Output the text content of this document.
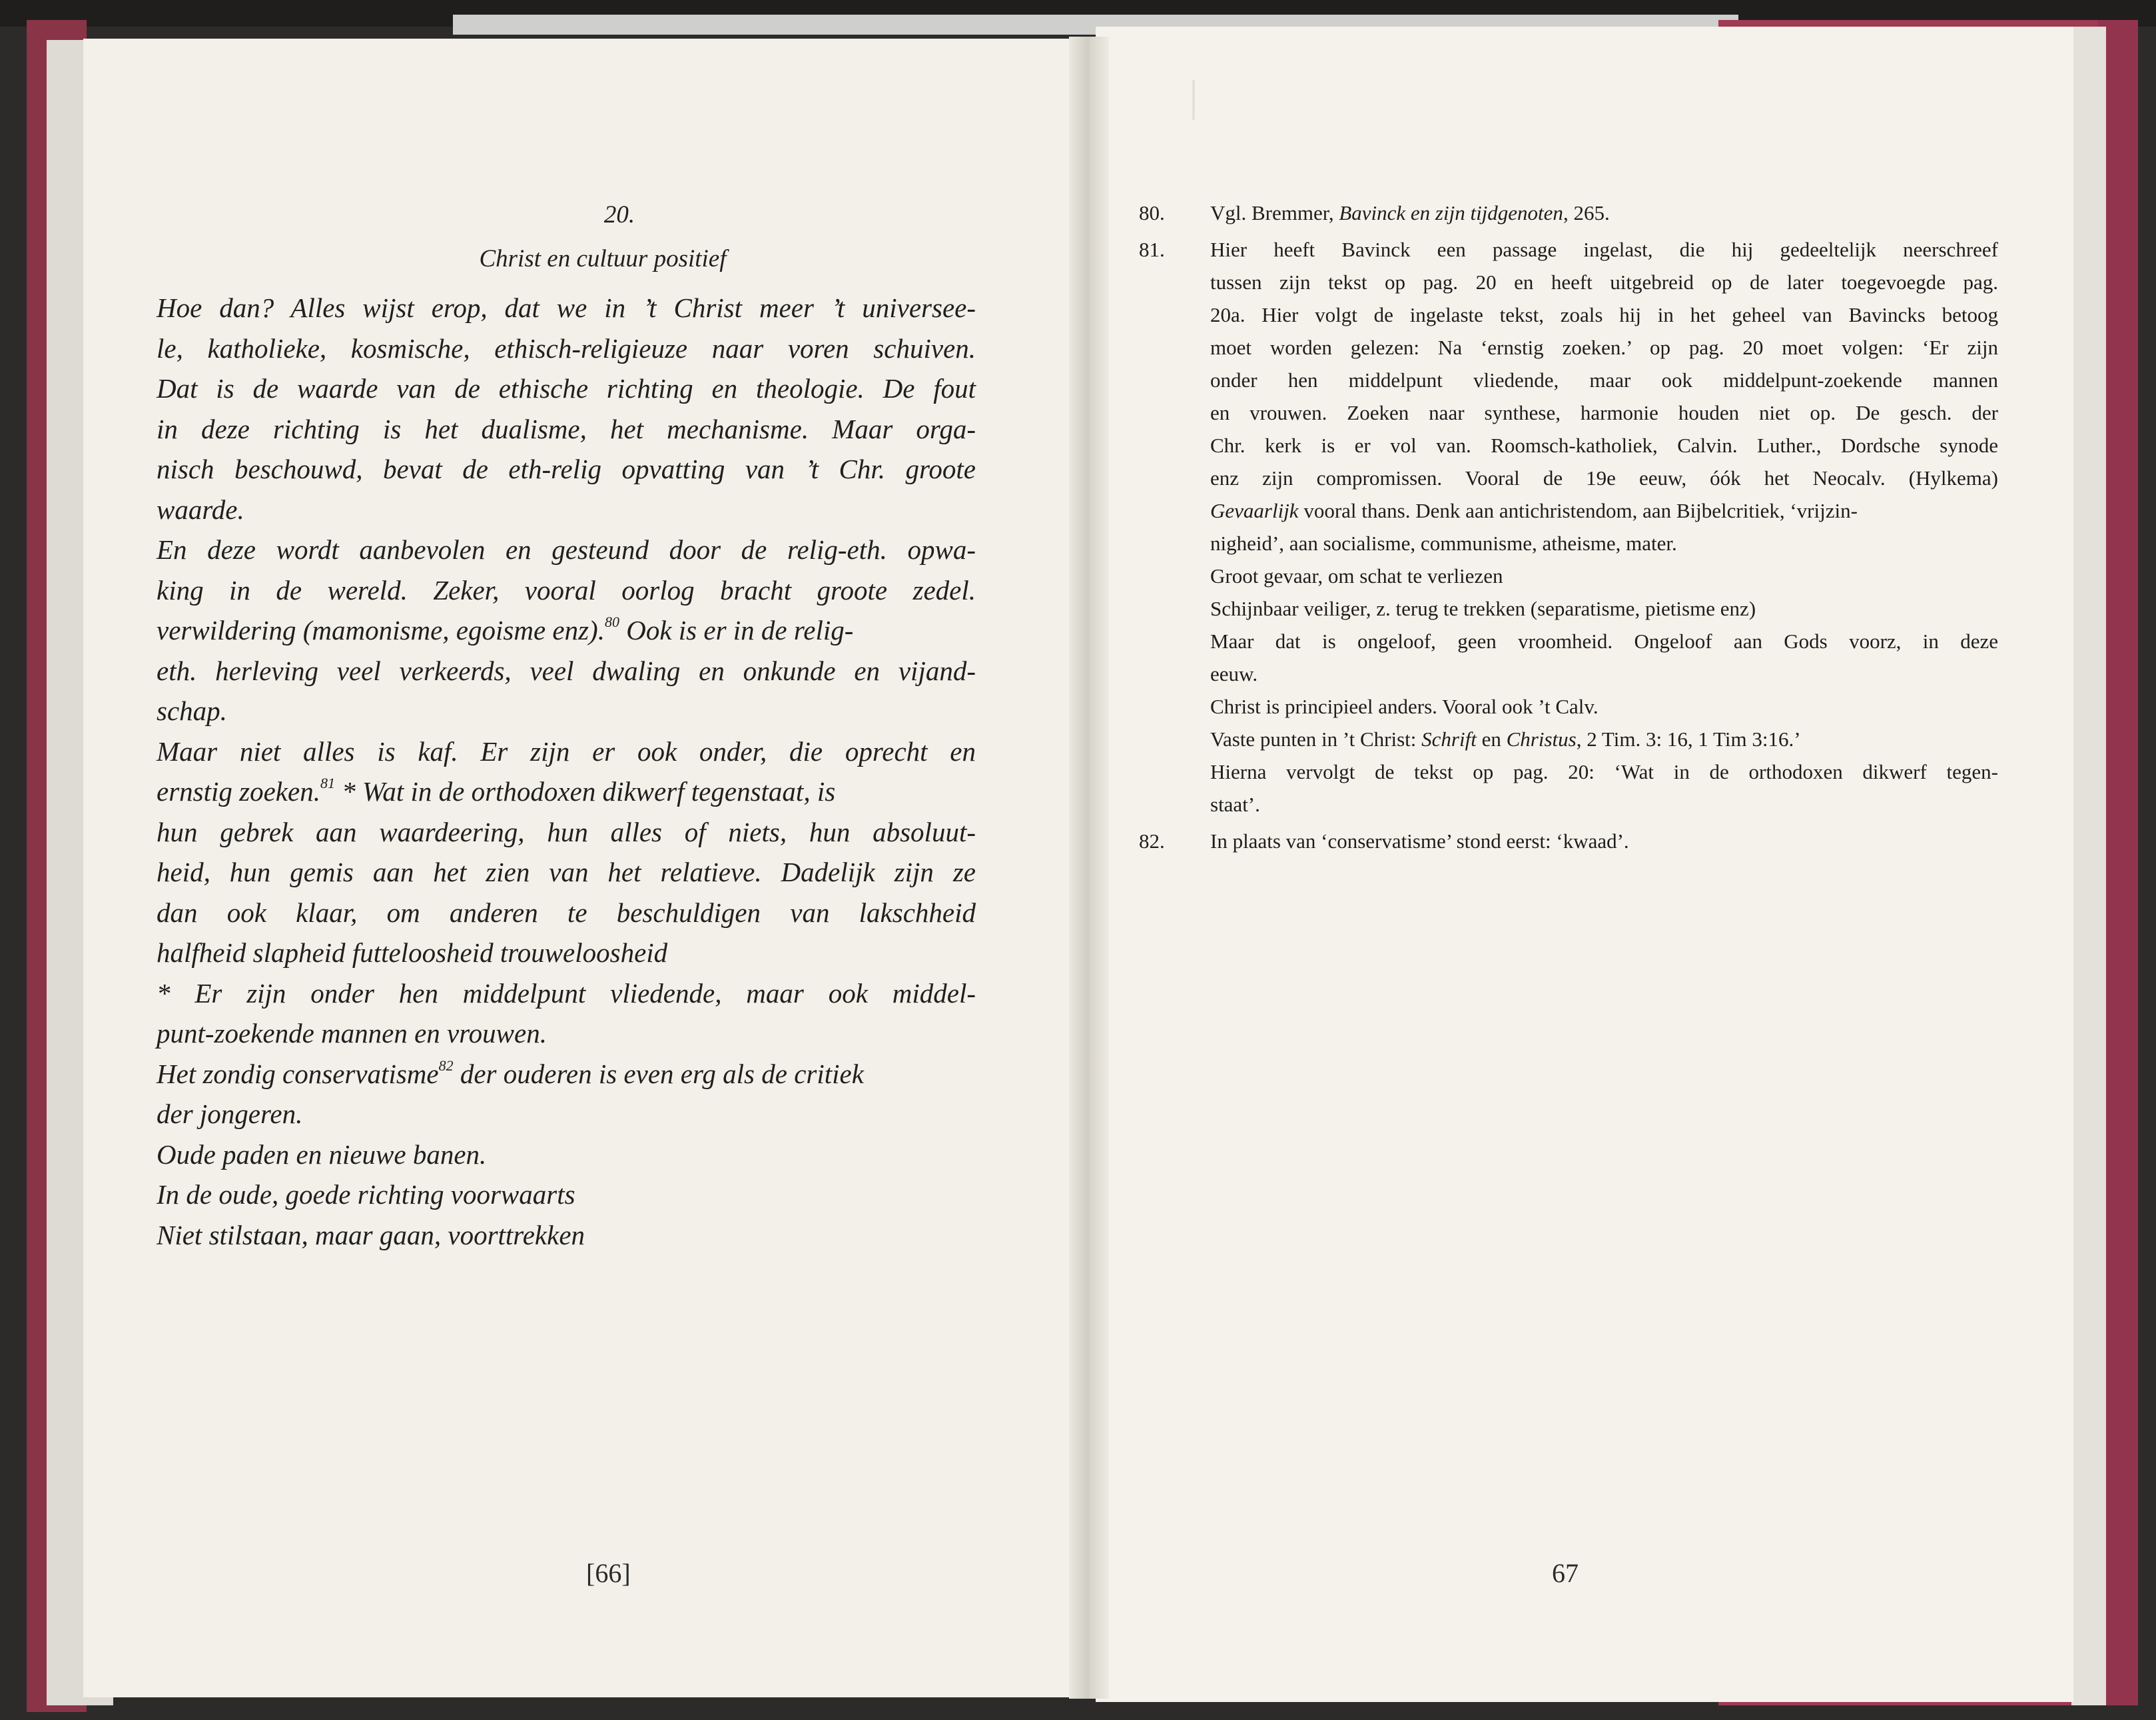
20.
Christ en cultuur positief
Hoe dan? Alles wijst erop, dat we in ’t Christ meer ’t universee-
le, katholieke, kosmische, ethisch-religieuze naar voren schuiven.
Dat is de waarde van de ethische richting en theologie. De fout
in deze richting is het dualisme, het mechanisme. Maar orga-
nisch beschouwd, bevat de eth-relig opvatting van ’t Chr. groote
waarde.
En deze wordt aanbevolen en gesteund door de relig-eth. opwa-
king in de wereld. Zeker, vooral oorlog bracht groote zedel.
verwildering (mamonisme, egoisme enz).$^{80}$ Ook is er in de relig-
eth. herleving veel verkeerds, veel dwaling en onkunde en vijand-
schap.
Maar niet alles is kaf. Er zijn er ook onder, die oprecht en
ernstig zoeken.$^{81}$ * Wat in de orthodoxen dikwerf tegenstaat, is
hun gebrek aan waardeering, hun alles of niets, hun absoluut-
heid, hun gemis aan het zien van het relatieve. Dadelijk zijn ze
dan ook klaar, om anderen te beschuldigen van lakschheid
halfheid slapheid futteloosheid trouweloosheid
* Er zijn onder hen middelpunt vliedende, maar ook middel-
punt-zoekende mannen en vrouwen.
Het zondig conservatisme$^{82}$ der ouderen is even erg als de critiek
der jongeren.
Oude paden en nieuwe banen.
In de oude, goede richting voorwaarts
Niet stilstaan, maar gaan, voorttrekken
[66]
80. Vgl. Bremmer, Bavinck en zijn tijdgenoten, 265.
81. Hier heeft Bavinck een passage ingelast, die hij gedeeltelijk neerschreef
tussen zijn tekst op pag. 20 en heeft uitgebreid op de later toegevoegde pag.
20a. Hier volgt de ingelaste tekst, zoals hij in het geheel van Bavincks betoog
moet worden gelezen: Na ‘ernstig zoeken.’ op pag. 20 moet volgen: ‘Er zijn
onder hen middelpunt vliedende, maar ook middelpunt-zoekende mannen
en vrouwen. Zoeken naar synthese, harmonie houden niet op. De gesch. der
Chr. kerk is er vol van. Roomsch-katholiek, Calvin. Luther., Dordsche synode
enz zijn compromissen. Vooral de 19e eeuw, óók het Neocalv. (Hylkema)
Gevaarlijk vooral thans. Denk aan antichristendom, aan Bijbelcritiek, ‘vrijzin-
nigheid’, aan socialisme, communisme, atheisme, mater.
Groot gevaar, om schat te verliezen
Schijnbaar veiliger, z. terug te trekken (separatisme, pietisme enz)
Maar dat is ongeloof, geen vroomheid. Ongeloof aan Gods voorz, in deze
eeuw.
Christ is principieel anders. Vooral ook ’t Calv.
Vaste punten in ’t Christ: Schrift en Christus, 2 Tim. 3: 16, 1 Tim 3:16.’
Hierna vervolgt de tekst op pag. 20: ‘Wat in de orthodoxen dikwerf tegen-
staat’.
82. In plaats van ‘conservatisme’ stond eerst: ‘kwaad’.
67
